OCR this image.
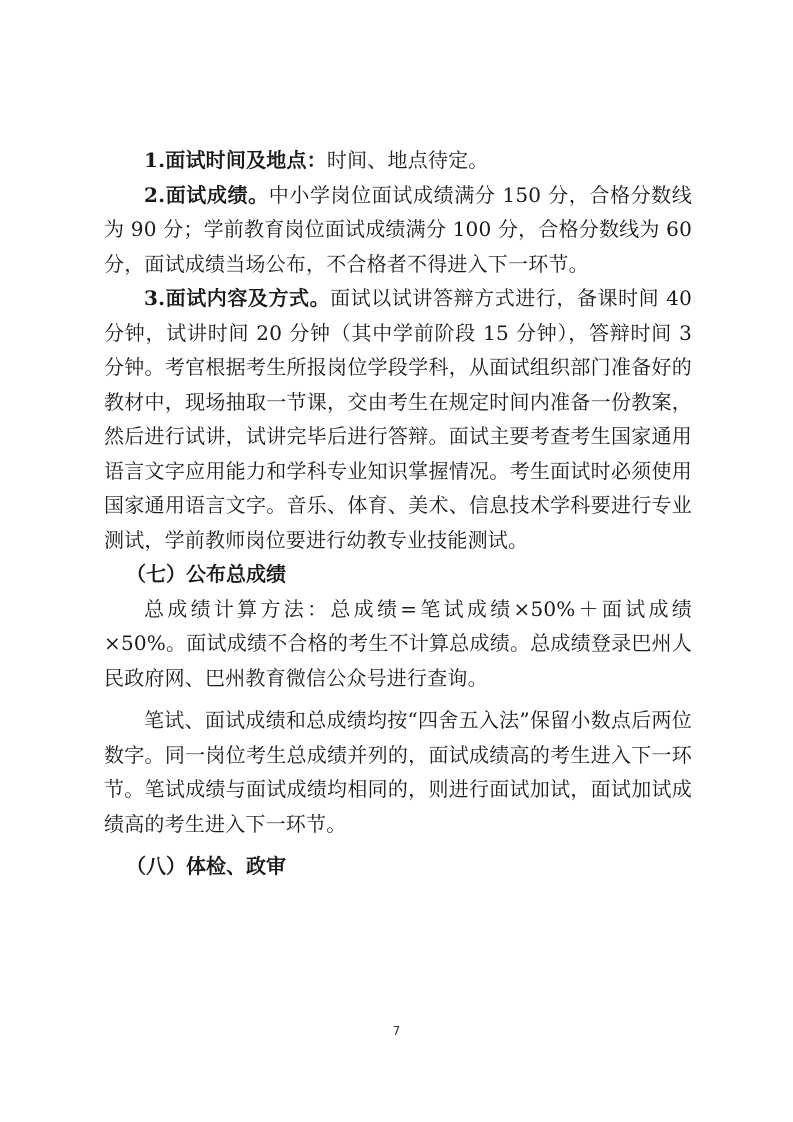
1.面试时间及地点：时间、地点待定。

2.面试成绩。中小学岗位面试成绩满分 150 分，合格分数线为 90 分；学前教育岗位面试成绩满分 100 分，合格分数线为 60 分，面试成绩当场公布，不合格者不得进入下一环节。

3.面试内容及方式。面试以试讲答辩方式进行，备课时间 40 分钟，试讲时间 20 分钟（其中学前阶段 15 分钟），答辩时间 3 分钟。考官根据考生所报岗位学段学科，从面试组织部门准备好的教材中，现场抽取一节课，交由考生在规定时间内准备一份教案，然后进行试讲，试讲完毕后进行答辩。面试主要考查考生国家通用语言文字应用能力和学科专业知识掌握情况。考生面试时必须使用国家通用语言文字。音乐、体育、美术、信息技术学科要进行专业测试，学前教师岗位要进行幼教专业技能测试。

（七）公布总成绩

总成绩计算方法：总成绩=笔试成绩×50%＋面试成绩×50%。面试成绩不合格的考生不计算总成绩。总成绩登录巴州人民政府网、巴州教育微信公众号进行查询。

笔试、面试成绩和总成绩均按“四舍五入法”保留小数点后两位数字。同一岗位考生总成绩并列的，面试成绩高的考生进入下一环节。笔试成绩与面试成绩均相同的，则进行面试加试，面试加试成绩高的考生进入下一环节。

（八）体检、政审

7
